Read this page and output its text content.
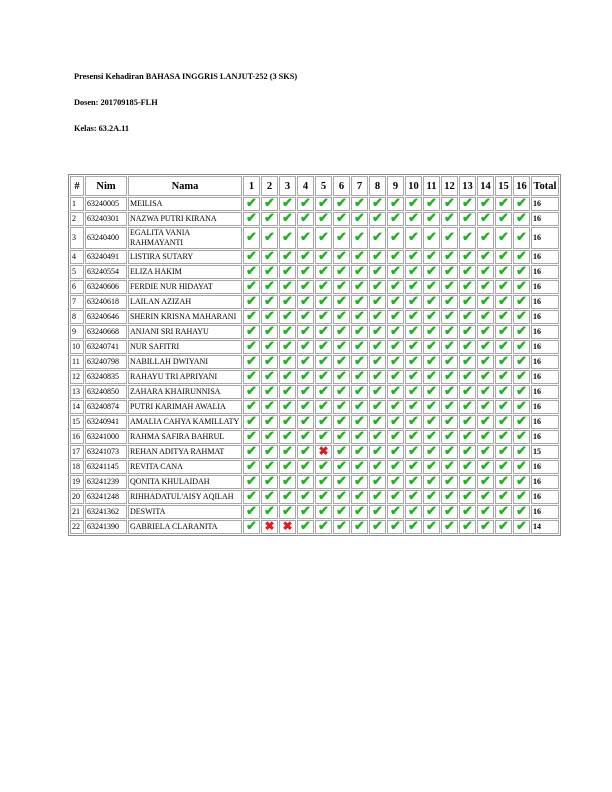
Presensi Kehadiran BAHASA INGGRIS LANJUT-252 (3 SKS)
Dosen: 201709185-FLH
Kelas: 63.2A.11
#	Nim	Nama	1	2	3	4	5	6	7	8	9	10	11	12	13	14	15	16	Total
1	63240005	MEILISA	✔	✔	✔	✔	✔	✔	✔	✔	✔	✔	✔	✔	✔	✔	✔	✔	16
2	63240301	NAZWA PUTRI KIRANA	✔	✔	✔	✔	✔	✔	✔	✔	✔	✔	✔	✔	✔	✔	✔	✔	16
3	63240400	EGALITA VANIA RAHMAYANTI	✔	✔	✔	✔	✔	✔	✔	✔	✔	✔	✔	✔	✔	✔	✔	✔	16
4	63240491	LISTIRA SUTARY	✔	✔	✔	✔	✔	✔	✔	✔	✔	✔	✔	✔	✔	✔	✔	✔	16
5	63240554	ELIZA HAKIM	✔	✔	✔	✔	✔	✔	✔	✔	✔	✔	✔	✔	✔	✔	✔	✔	16
6	63240606	FERDIE NUR HIDAYAT	✔	✔	✔	✔	✔	✔	✔	✔	✔	✔	✔	✔	✔	✔	✔	✔	16
7	63240618	LAILAN AZIZAH	✔	✔	✔	✔	✔	✔	✔	✔	✔	✔	✔	✔	✔	✔	✔	✔	16
8	63240646	SHERIN KRISNA MAHARANI	✔	✔	✔	✔	✔	✔	✔	✔	✔	✔	✔	✔	✔	✔	✔	✔	16
9	63240668	ANJANI SRI RAHAYU	✔	✔	✔	✔	✔	✔	✔	✔	✔	✔	✔	✔	✔	✔	✔	✔	16
10	63240741	NUR SAFITRI	✔	✔	✔	✔	✔	✔	✔	✔	✔	✔	✔	✔	✔	✔	✔	✔	16
11	63240798	NABILLAH DWIYANI	✔	✔	✔	✔	✔	✔	✔	✔	✔	✔	✔	✔	✔	✔	✔	✔	16
12	63240835	RAHAYU TRI APRIYANI	✔	✔	✔	✔	✔	✔	✔	✔	✔	✔	✔	✔	✔	✔	✔	✔	16
13	63240850	ZAHARA KHAIRUNNISA	✔	✔	✔	✔	✔	✔	✔	✔	✔	✔	✔	✔	✔	✔	✔	✔	16
14	63240874	PUTRI KARIMAH AWALIA	✔	✔	✔	✔	✔	✔	✔	✔	✔	✔	✔	✔	✔	✔	✔	✔	16
15	63240941	AMALIA CAHYA KAMILLATY	✔	✔	✔	✔	✔	✔	✔	✔	✔	✔	✔	✔	✔	✔	✔	✔	16
16	63241000	RAHMA SAFIRA BAHRUL	✔	✔	✔	✔	✔	✔	✔	✔	✔	✔	✔	✔	✔	✔	✔	✔	16
17	63241073	REHAN ADITYA RAHMAT	✔	✔	✔	✔	✖	✔	✔	✔	✔	✔	✔	✔	✔	✔	✔	✔	15
18	63241145	REVITA CANA	✔	✔	✔	✔	✔	✔	✔	✔	✔	✔	✔	✔	✔	✔	✔	✔	16
19	63241239	QONITA KHULAIDAH	✔	✔	✔	✔	✔	✔	✔	✔	✔	✔	✔	✔	✔	✔	✔	✔	16
20	63241248	RIHHADATUL'AISY AQILAH	✔	✔	✔	✔	✔	✔	✔	✔	✔	✔	✔	✔	✔	✔	✔	✔	16
21	63241362	DESWITA	✔	✔	✔	✔	✔	✔	✔	✔	✔	✔	✔	✔	✔	✔	✔	✔	16
22	63241390	GABRIELA CLARANITA	✔	✖	✖	✔	✔	✔	✔	✔	✔	✔	✔	✔	✔	✔	✔	✔	14
